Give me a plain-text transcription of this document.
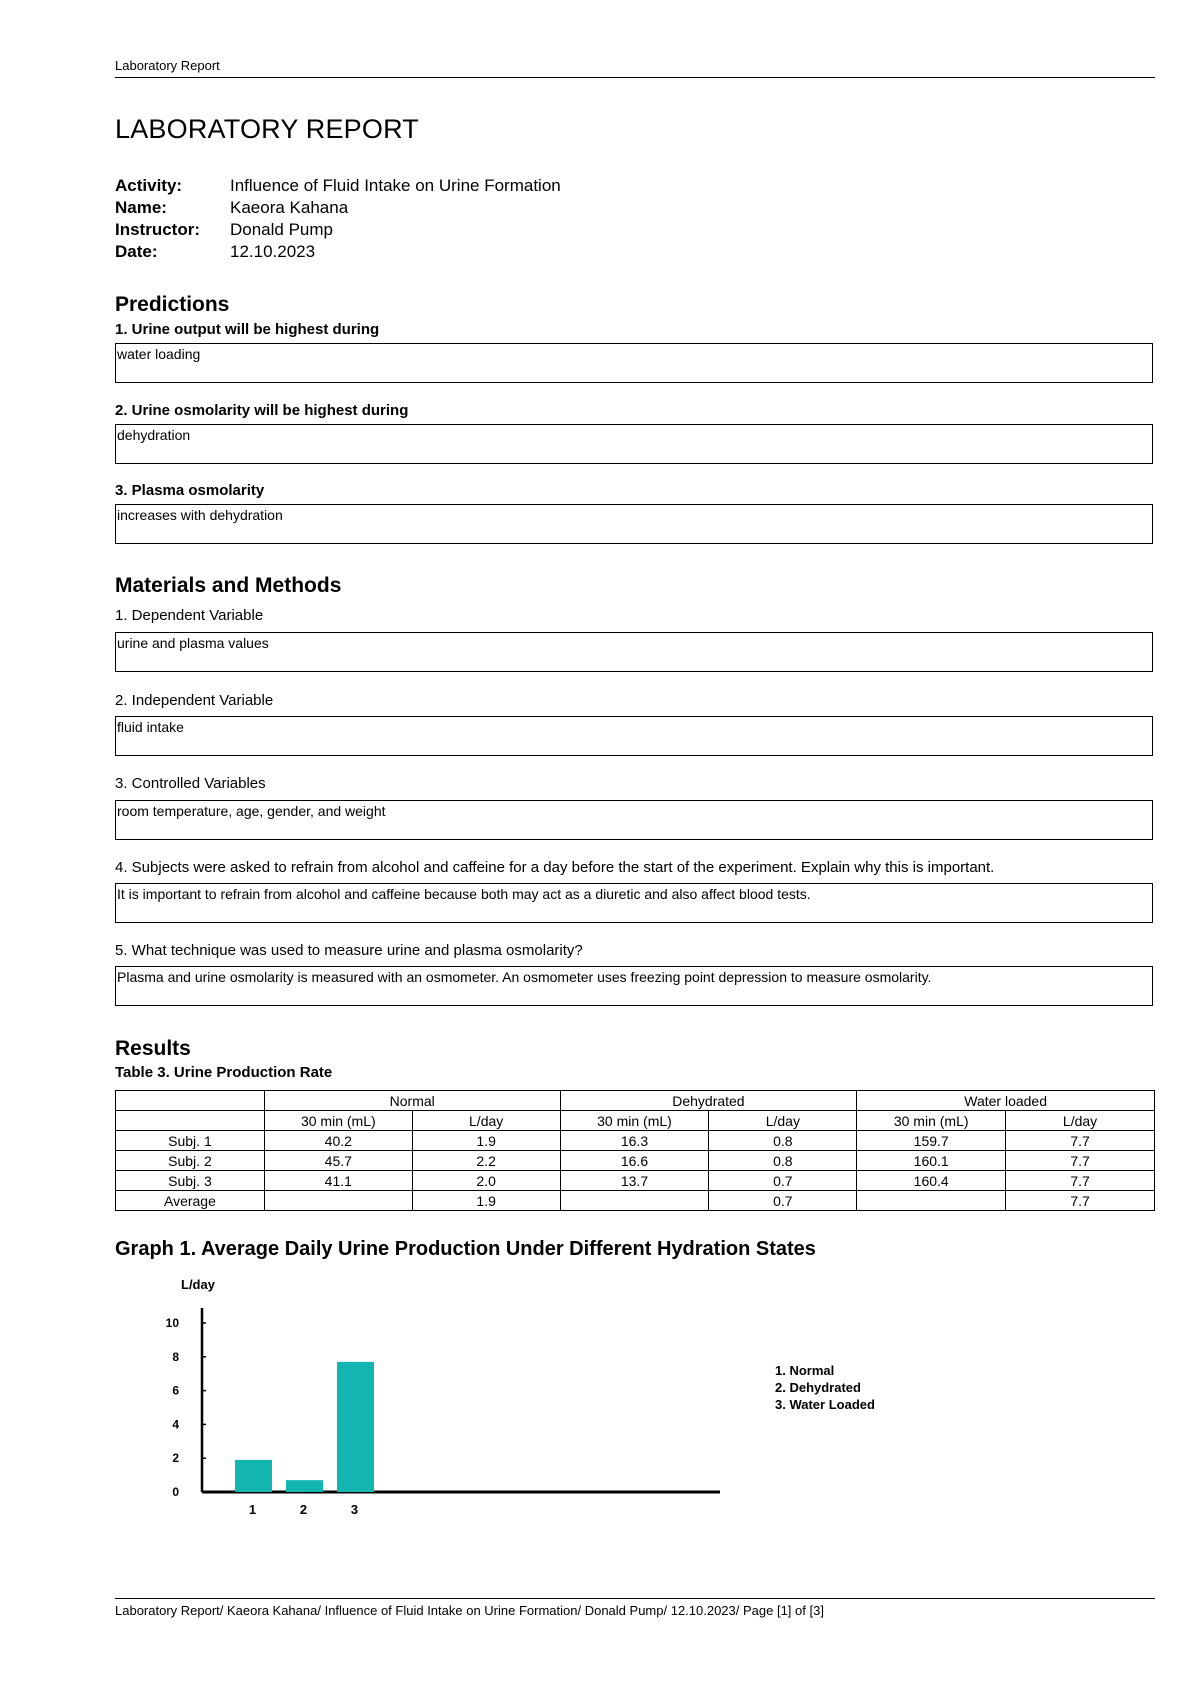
Laboratory Report
LABORATORY REPORT
Activity:	Influence of Fluid Intake on Urine Formation
Name:	Kaeora Kahana
Instructor:	Donald Pump
Date:	12.10.2023
Predictions
1. Urine output will be highest during
water loading
2. Urine osmolarity will be highest during
dehydration
3. Plasma osmolarity
increases with dehydration
Materials and Methods
1. Dependent Variable
urine and plasma values
2. Independent Variable
fluid intake
3. Controlled Variables
room temperature, age, gender, and weight
4. Subjects were asked to refrain from alcohol and caffeine for a day before the start of the experiment. Explain why this is important.
It is important to refrain from alcohol and caffeine because both may act as a diuretic and also affect blood tests.
5. What technique was used to measure urine and plasma osmolarity?
Plasma and urine osmolarity is measured with an osmometer. An osmometer uses freezing point depression to measure osmolarity.
Results
Table 3. Urine Production Rate
	Normal		Dehydrated		Water loaded	
	30 min (mL)	L/day	30 min (mL)	L/day	30 min (mL)	L/day
Subj. 1	40.2	1.9	16.3	0.8	159.7	7.7
Subj. 2	45.7	2.2	16.6	0.8	160.1	7.7
Subj. 3	41.1	2.0	13.7	0.7	160.4	7.7
Average		1.9		0.7		7.7
Graph 1. Average Daily Urine Production Under Different Hydration States
L/day
0
2
4
6
8
10
1	2	3
1. Normal
2. Dehydrated
3. Water Loaded
Laboratory Report/ Kaeora Kahana/ Influence of Fluid Intake on Urine Formation/ Donald Pump/ 12.10.2023/ Page [1] of [3]
